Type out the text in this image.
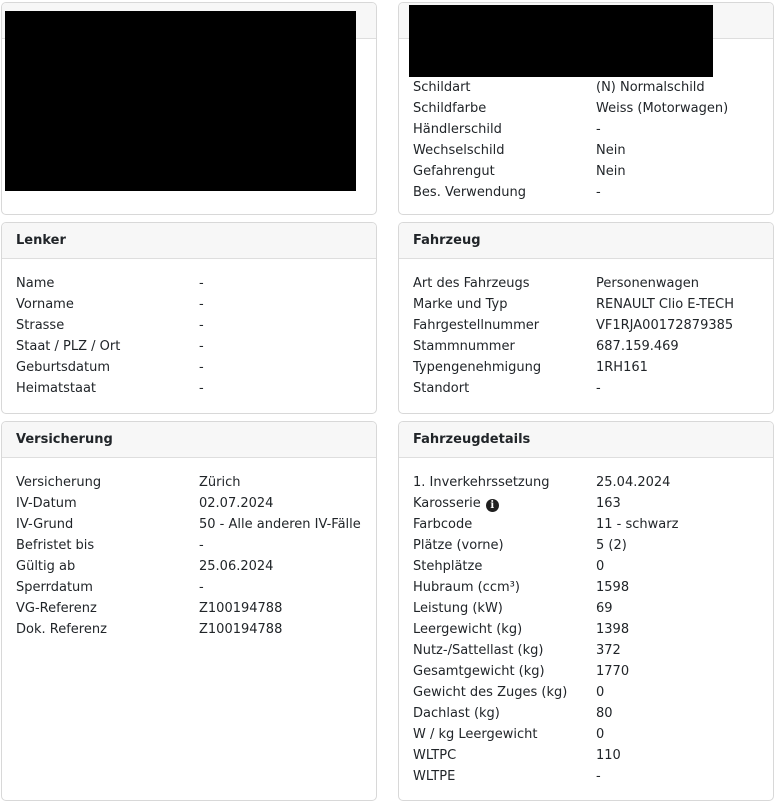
Schildart	(N) Normalschild
Schildfarbe	Weiss (Motorwagen)
Händlerschild	-
Wechselschild	Nein
Gefahrengut	Nein
Bes. Verwendung	-
Lenker
Name	-
Vorname	-
Strasse	-
Staat / PLZ / Ort	-
Geburtsdatum	-
Heimatstaat	-
Fahrzeug
Art des Fahrzeugs	Personenwagen
Marke und Typ	RENAULT Clio E-TECH
Fahrgestellnummer	VF1RJA00172879385
Stammnummer	687.159.469
Typengenehmigung	1RH161
Standort	-
Versicherung
Versicherung	Zürich
IV-Datum	02.07.2024
IV-Grund	50 - Alle anderen IV-Fälle
Befristet bis	-
Gültig ab	25.06.2024
Sperrdatum	-
VG-Referenz	Z100194788
Dok. Referenz	Z100194788
Fahrzeugdetails
1. Inverkehrssetzung	25.04.2024
Karosserie i	163
Farbcode	11 - schwarz
Plätze (vorne)	5 (2)
Stehplätze	0
Hubraum (ccm³)	1598
Leistung (kW)	69
Leergewicht (kg)	1398
Nutz-/Sattellast (kg)	372
Gesamtgewicht (kg)	1770
Gewicht des Zuges (kg)	0
Dachlast (kg)	80
W / kg Leergewicht	0
WLTPC	110
WLTPE	-
